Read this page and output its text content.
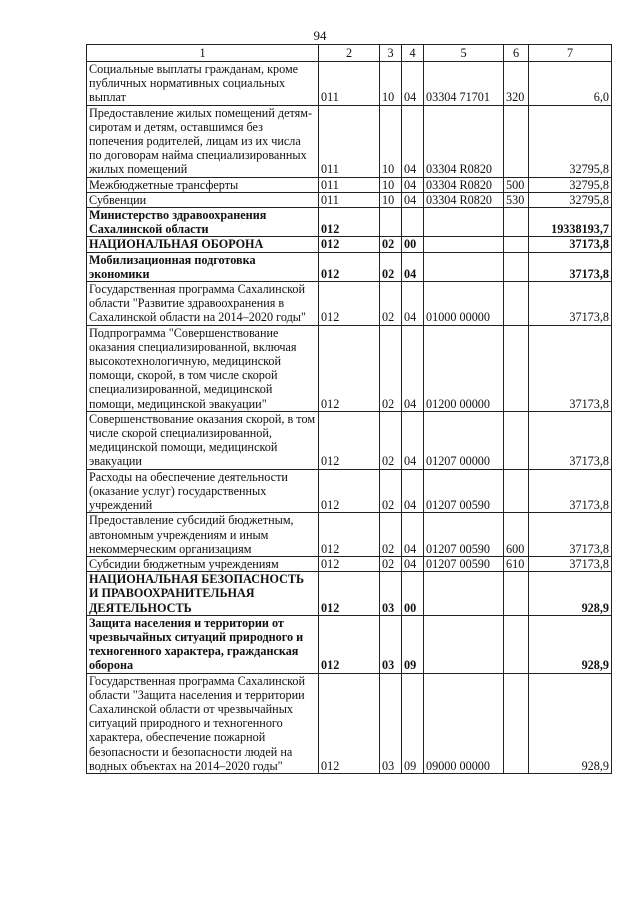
94
1	2	3	4	5	6	7
Социальные выплаты гражданам, кроме публичных нормативных социальных выплат	011	10	04	03304 71701	320	6,0
Предоставление жилых помещений детям-сиротам и детям, оставшимся без попечения родителей, лицам из их числа по договорам найма специализированных жилых помещений	011	10	04	03304 R0820		32795,8
Межбюджетные трансферты	011	10	04	03304 R0820	500	32795,8
Субвенции	011	10	04	03304 R0820	530	32795,8
Министерство здравоохранения Сахалинской области	012					19338193,7
НАЦИОНАЛЬНАЯ ОБОРОНА	012	02	00			37173,8
Мобилизационная подготовка экономики	012	02	04			37173,8
Государственная программа Сахалинской области "Развитие здравоохранения в Сахалинской области на 2014–2020 годы"	012	02	04	01000 00000		37173,8
Подпрограмма "Совершенствование оказания специализированной, включая высокотехнологичную, медицинской помощи, скорой, в том числе скорой специализированной, медицинской помощи, медицинской эвакуации"	012	02	04	01200 00000		37173,8
Совершенствование оказания скорой, в том числе скорой специализированной, медицинской помощи, медицинской эвакуации	012	02	04	01207 00000		37173,8
Расходы на обеспечение деятельности (оказание услуг) государственных учреждений	012	02	04	01207 00590		37173,8
Предоставление субсидий бюджетным, автономным учреждениям и иным некоммерческим организациям	012	02	04	01207 00590	600	37173,8
Субсидии бюджетным учреждениям	012	02	04	01207 00590	610	37173,8
НАЦИОНАЛЬНАЯ БЕЗОПАСНОСТЬ И ПРАВООХРАНИТЕЛЬНАЯ ДЕЯТЕЛЬНОСТЬ	012	03	00			928,9
Защита населения и территории от чрезвычайных ситуаций природного и техногенного характера, гражданская оборона	012	03	09			928,9
Государственная программа Сахалинской области "Защита населения и территории Сахалинской области от чрезвычайных ситуаций природного и техногенного характера, обеспечение пожарной безопасности и безопасности людей на водных объектах на 2014–2020 годы"	012	03	09	09000 00000		928,9
